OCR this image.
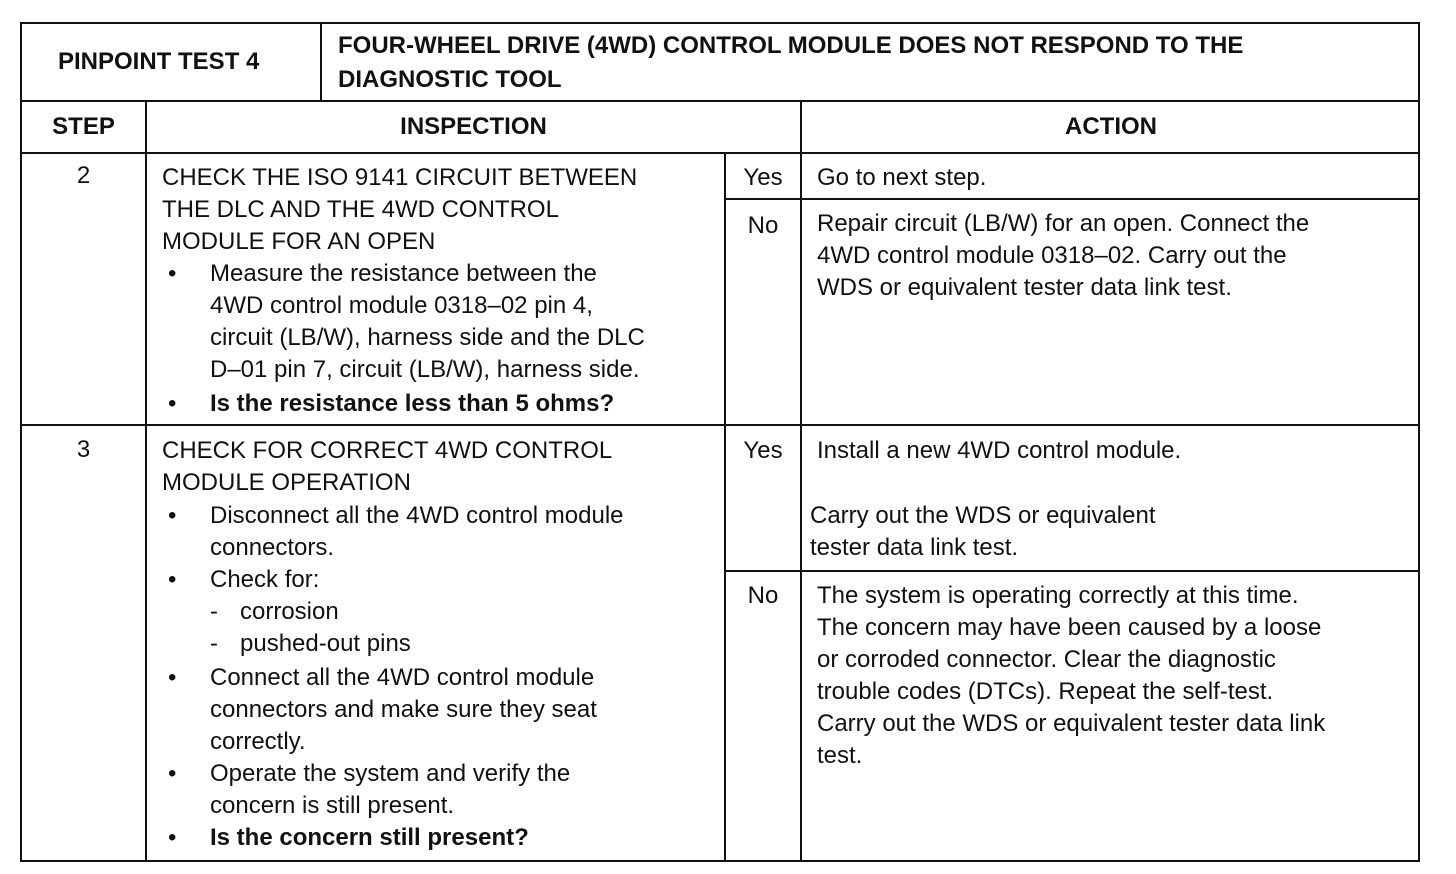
PINPOINT TEST 4
FOUR-WHEEL DRIVE (4WD) CONTROL MODULE DOES NOT RESPOND TO THE
DIAGNOSTIC TOOL
STEP	INSPECTION	ACTION
2	CHECK THE ISO 9141 CIRCUIT BETWEEN
THE DLC AND THE 4WD CONTROL
MODULE FOR AN OPEN
• Measure the resistance between the
4WD control module 0318–02 pin 4,
circuit (LB/W), harness side and the DLC
D–01 pin 7, circuit (LB/W), harness side.
• Is the resistance less than 5 ohms?
Yes	Go to next step.
No	Repair circuit (LB/W) for an open. Connect the
4WD control module 0318–02. Carry out the
WDS or equivalent tester data link test.
3	CHECK FOR CORRECT 4WD CONTROL
MODULE OPERATION
• Disconnect all the 4WD control module
connectors.
• Check for:
- corrosion
- pushed-out pins
• Connect all the 4WD control module
connectors and make sure they seat
correctly.
• Operate the system and verify the
concern is still present.
• Is the concern still present?
Yes	Install a new 4WD control module.
Carry out the WDS or equivalent
tester data link test.
No	The system is operating correctly at this time.
The concern may have been caused by a loose
or corroded connector. Clear the diagnostic
trouble codes (DTCs). Repeat the self-test.
Carry out the WDS or equivalent tester data link
test.
